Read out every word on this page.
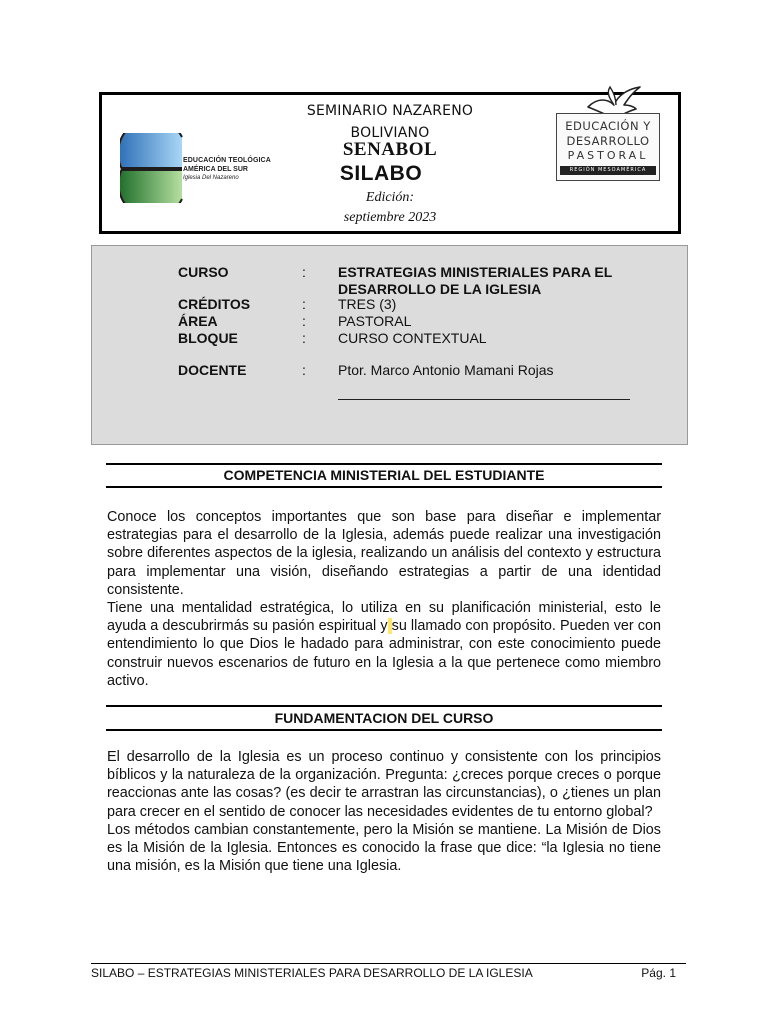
EDUCACIÓN TEOLÓGICA
AMÉRICA DEL SUR
Iglesia Del Nazareno
SEMINARIO NAZARENO
BOLIVIANO
SENABOL
SILABO
Edición:
septiembre 2023
EDUCACIÓN Y
DESARROLLO
PASTORAL
REGIÓN MESOAMÉRICA
CURSO	: ESTRATEGIAS MINISTERIALES PARA EL DESARROLLO DE LA IGLESIA
CRÉDITOS	: TRES (3)
ÁREA	: PASTORAL
BLOQUE	: CURSO CONTEXTUAL
DOCENTE	: Ptor. Marco Antonio Mamani Rojas
COMPETENCIA MINISTERIAL DEL ESTUDIANTE

Conoce los conceptos importantes que son base para diseñar e implementar estrategias para el desarrollo de la Iglesia, además puede realizar una investigación sobre diferentes aspectos de la iglesia, realizando un análisis del contexto y estructura para implementar una visión, diseñando estrategias a partir de una identidad consistente.

Tiene una mentalidad estratégica, lo utiliza en su planificación ministerial, esto le ayuda a descubrirmás su pasión espiritual y su llamado con propósito. Pueden ver con entendimiento lo que Dios le hadado para administrar, con este conocimiento puede construir nuevos escenarios de futuro en la Iglesia a la que pertenece como miembro activo.

FUNDAMENTACION DEL CURSO

El desarrollo de la Iglesia es un proceso continuo y consistente con los principios bíblicos y la naturaleza de la organización. Pregunta: ¿creces porque creces o porque reaccionas ante las cosas? (es decir te arrastran las circunstancias), o ¿tienes un plan para crecer en el sentido de conocer las necesidades evidentes de tu entorno global?

Los métodos cambian constantemente, pero la Misión se mantiene. La Misión de Dios es la Misión de la Iglesia. Entonces es conocido la frase que dice: “la Iglesia no tiene una misión, es la Misión que tiene una Iglesia.

SILABO – ESTRATEGIAS MINISTERIALES PARA DESARROLLO DE LA IGLESIA	Pág. 1
